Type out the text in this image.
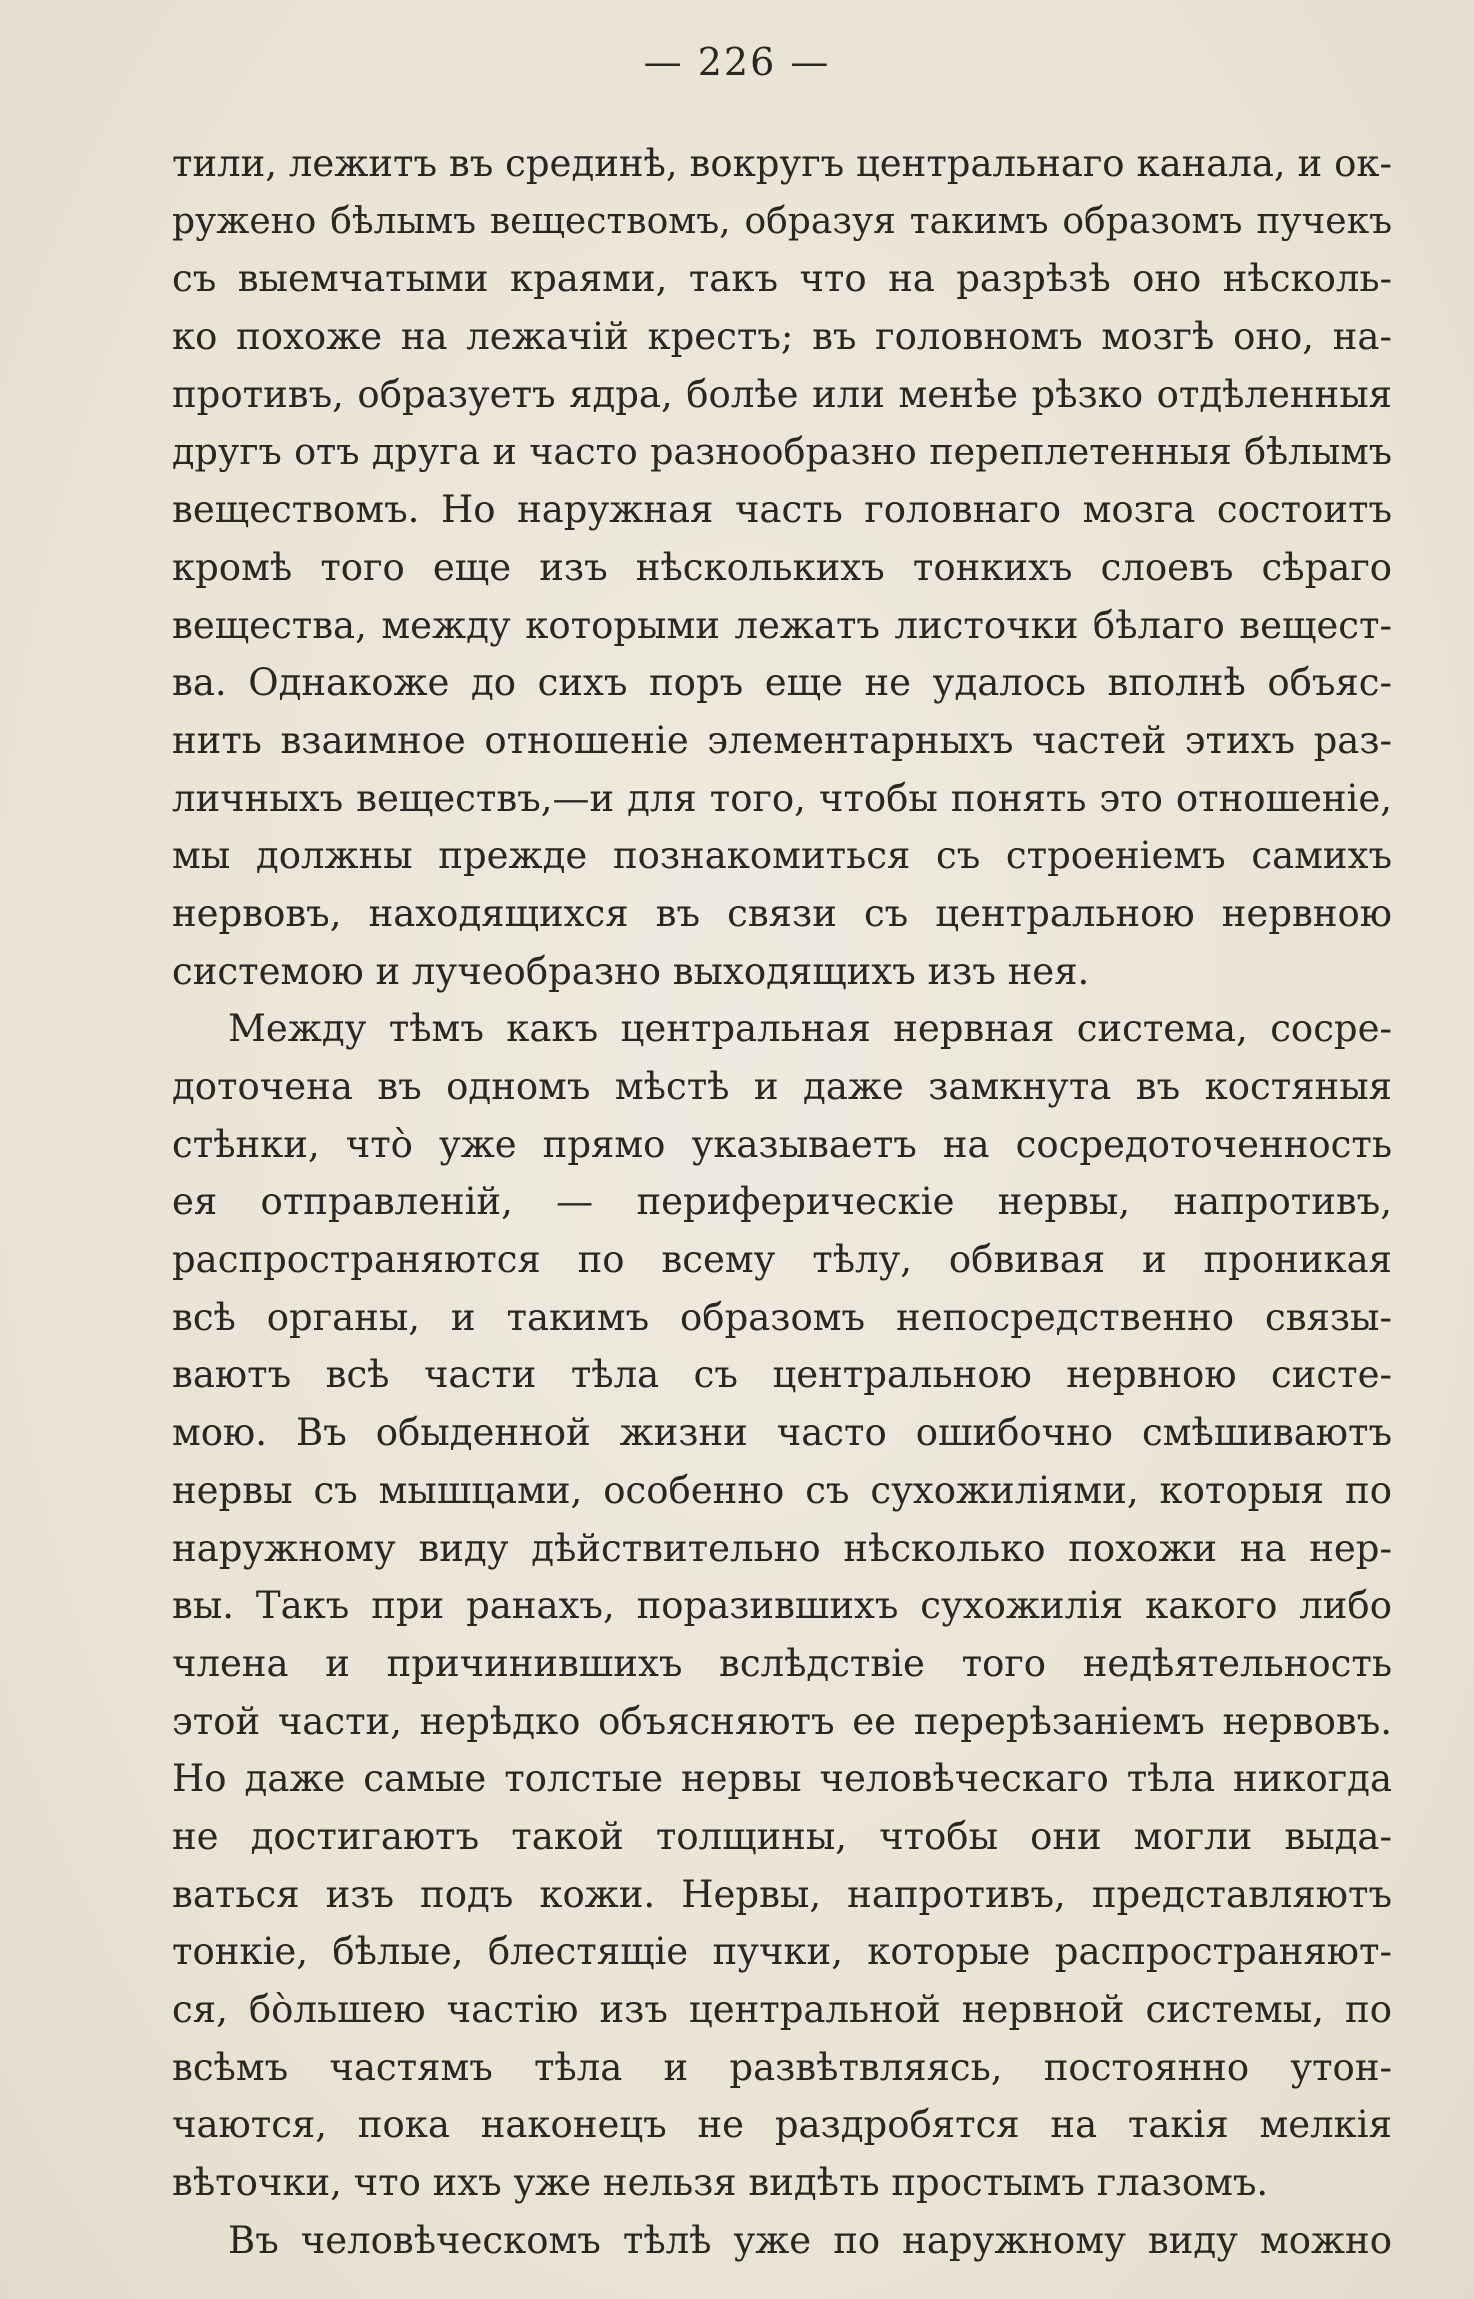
— 226 —
тили, лежитъ въ срединѣ, вокругъ центральнаго канала, и ок-
ружено бѣлымъ веществомъ, образуя такимъ образомъ пучекъ
съ выемчатыми краями, такъ что на разрѣзѣ оно нѣсколь-
ко похоже на лежачій крестъ; въ головномъ мозгѣ оно, на-
противъ, образуетъ ядра, болѣе или менѣе рѣзко отдѣленныя
другъ отъ друга и часто разнообразно переплетенныя бѣлымъ
веществомъ. Но наружная часть головнаго мозга состоитъ
кромѣ того еще изъ нѣсколькихъ тонкихъ слоевъ сѣраго
вещества, между которыми лежатъ листочки бѣлаго вещест-
ва. Однакоже до сихъ поръ еще не удалось вполнѣ объяс-
нить взаимное отношеніе элементарныхъ частей этихъ раз-
личныхъ веществъ,—и для того, чтобы понять это отношеніе,
мы должны прежде познакомиться съ строеніемъ самихъ
нервовъ, находящихся въ связи съ центральною нервною
системою и лучеобразно выходящихъ изъ нея.
Между тѣмъ какъ центральная нервная система, сосре-
доточена въ одномъ мѣстѣ и даже замкнута въ костяныя
стѣнки, что̀ уже прямо указываетъ на сосредоточенность
ея отправленій, — периферическіе нервы, напротивъ,
распространяются по всему тѣлу, обвивая и проникая
всѣ органы, и такимъ образомъ непосредственно связы-
ваютъ всѣ части тѣла съ центральною нервною систе-
мою. Въ обыденной жизни часто ошибочно смѣшиваютъ
нервы съ мышцами, особенно съ сухожиліями, которыя по
наружному виду дѣйствительно нѣсколько похожи на нер-
вы. Такъ при ранахъ, поразившихъ сухожилія какого либо
члена и причинившихъ вслѣдствіе того недѣятельность
этой части, нерѣдко объясняютъ ее перерѣзаніемъ нервовъ.
Но даже самые толстые нервы человѣческаго тѣла никогда
не достигаютъ такой толщины, чтобы они могли выда-
ваться изъ подъ кожи. Нервы, напротивъ, представляютъ
тонкіе, бѣлые, блестящіе пучки, которые распространяют-
ся, бо̀льшею частію изъ центральной нервной системы, по
всѣмъ частямъ тѣла и развѣтвляясь, постоянно утон-
чаются, пока наконецъ не раздробятся на такія мелкія
вѣточки, что ихъ уже нельзя видѣть простымъ глазомъ.
Въ человѣческомъ тѣлѣ уже по наружному виду можно
